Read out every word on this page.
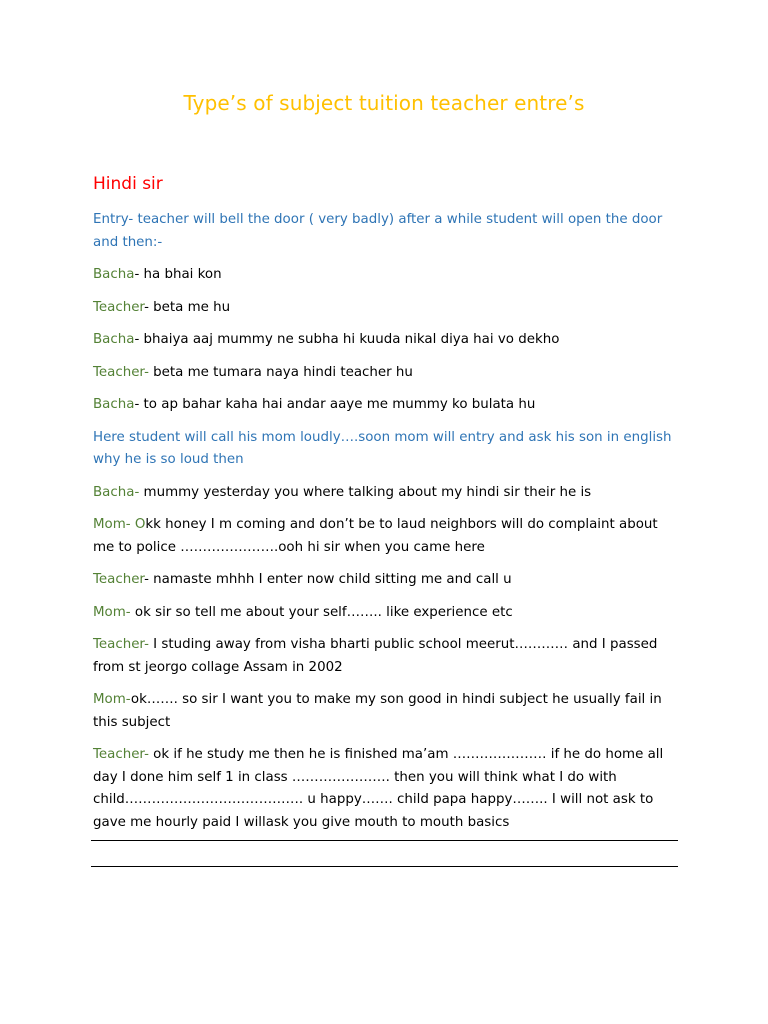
Type’s of subject tuition teacher entre’s
Hindi sir

Entry- teacher will bell the door ( very badly) after a while student will open the door and then:-

Bacha- ha bhai kon

Teacher- beta me hu

Bacha- bhaiya aaj mummy ne subha hi kuuda nikal diya hai vo dekho

Teacher- beta me tumara naya hindi teacher hu

Bacha- to ap bahar kaha hai andar aaye me mummy ko bulata hu

Here student will call his mom loudly….soon mom will entry and ask his son in english why he is so loud then

Bacha- mummy yesterday you where talking about my hindi sir their he is

Mom- Okk honey I m coming and don’t be to laud neighbors will do complaint about me to police ………………….ooh hi sir when you came here

Teacher- namaste mhhh I enter now child sitting me and call u

Mom- ok sir so tell me about your self…….. like experience etc

Teacher- I studing away from visha bharti public school meerut………… and I passed from st jeorgo collage Assam in 2002

Mom-ok……. so sir I want you to make my son good in hindi subject he usually fail in this subject

Teacher- ok if he study me then he is finished ma’am ………………… if he do home all day I done him self 1 in class …………………. then you will think what I do with child…………………………………. u happy……. child papa happy…….. I will not ask to gave me hourly paid I willask you give mouth to mouth basics
